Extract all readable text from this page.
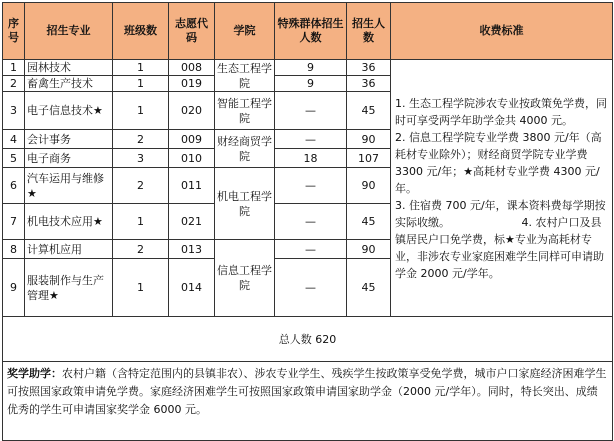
序号	招生专业	班级数	志愿代码	学院	特殊群体招生人数	招生人数	收费标准
1	园林技术	1	008	生态工程学院	9	36	1. 生态工程学院涉农专业按政策免学费，同时可享受两学年助学金共 4000 元。
2. 信息工程学院专业学费 3800 元/年（高耗材专业除外）；财经商贸学院专业学费 3300 元/年；★高耗材专业学费 4300 元/年。
3. 住宿费 700 元/年，课本资料费每学期按实际收缴。　　　　　　　4. 农村户口及县镇居民户口免学费，标★专业为高耗材专业，非涉农专业家庭困难学生同样可申请助学金 2000 元/学年。

2	畜禽生产技术	1	019		9	36	
3	电子信息技术★	1	020	智能工程学院	—	45	
4	会计事务	2	009	财经商贸学院	—	90	
5	电子商务	3	010		18	107	
6	汽车运用与维修★	2	011	机电工程学院	—	90	
7	机电技术应用★	1	021		—	45	
8	计算机应用	2	013	信息工程学院	—	90	
9	服装制作与生产管理★	1	014		—	45	
总人数 620							
奖学助学：农村户籍（含特定范围内的县镇非农）、涉农专业学生、残疾学生按政策享受免学费，城市户口家庭经济困难学生可按照国家政策申请免学费。家庭经济困难学生可按照国家政策申请国家助学金（2000 元/学年）。同时，特长突出、成绩优秀的学生可申请国家奖学金 6000 元。							
